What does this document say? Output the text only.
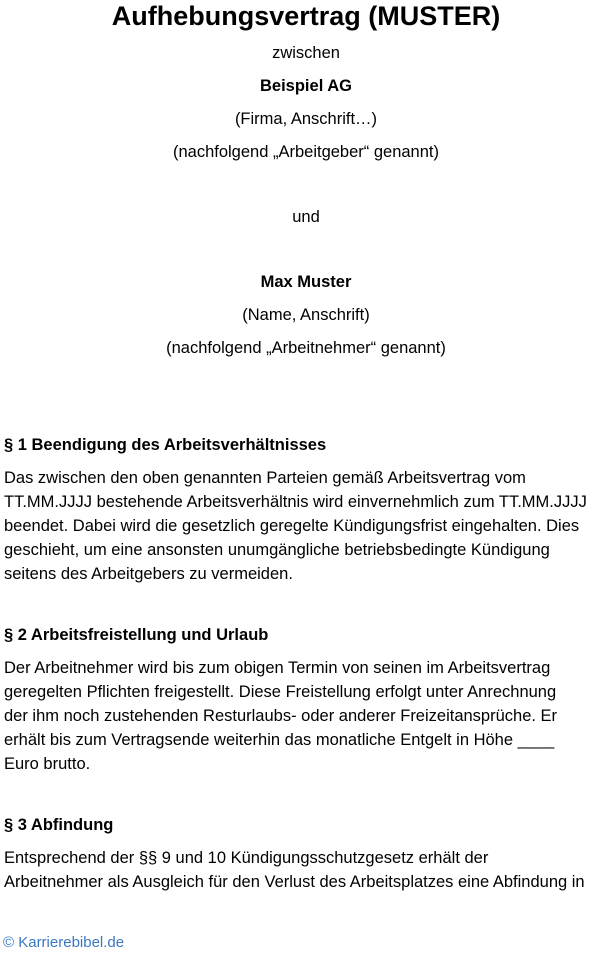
Aufhebungsvertrag (MUSTER)
zwischen
Beispiel AG
(Firma, Anschrift…)
(nachfolgend „Arbeitgeber“ genannt)
und
Max Muster
(Name, Anschrift)
(nachfolgend „Arbeitnehmer“ genannt)
§ 1 Beendigung des Arbeitsverhältnisses
Das zwischen den oben genannten Parteien gemäß Arbeitsvertrag vom
TT.MM.JJJJ bestehende Arbeitsverhältnis wird einvernehmlich zum TT.MM.JJJJ
beendet. Dabei wird die gesetzlich geregelte Kündigungsfrist eingehalten. Dies
geschieht, um eine ansonsten unumgängliche betriebsbedingte Kündigung
seitens des Arbeitgebers zu vermeiden.
§ 2 Arbeitsfreistellung und Urlaub
Der Arbeitnehmer wird bis zum obigen Termin von seinen im Arbeitsvertrag
geregelten Pflichten freigestellt. Diese Freistellung erfolgt unter Anrechnung
der ihm noch zustehenden Resturlaubs- oder anderer Freizeitansprüche. Er
erhält bis zum Vertragsende weiterhin das monatliche Entgelt in Höhe ____
Euro brutto.
§ 3 Abfindung
Entsprechend der §§ 9 und 10 Kündigungsschutzgesetz erhält der
Arbeitnehmer als Ausgleich für den Verlust des Arbeitsplatzes eine Abfindung in
© Karrierebibel.de
